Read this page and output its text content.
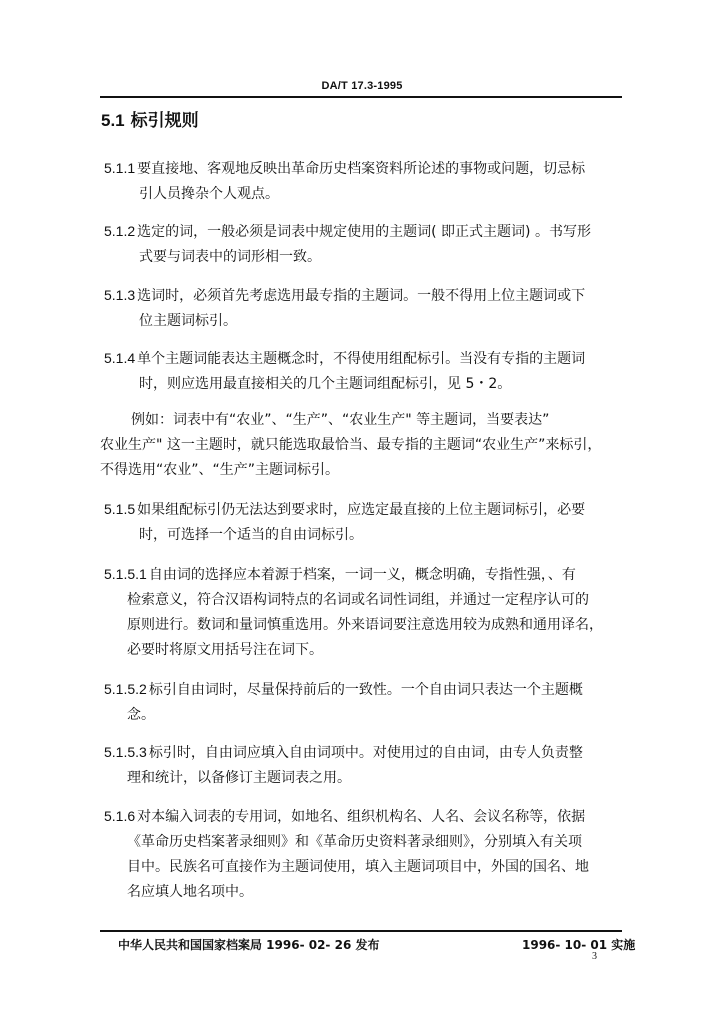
DA/T 17.3-1995
5.1 标引规则
5.1.1 要直接地、客观地反映出革命历史档案资料所论述的事物或问题，切忌标
引人员搀杂个人观点。
5.1.2 选定的词，一般必须是词表中规定使用的主题词( 即正式主题词) 。书写形
式要与词表中的词形相一致。
5.1.3 选词时，必须首先考虑选用最专指的主题词。一般不得用上位主题词或下
位主题词标引。
5.1.4 单个主题词能表达主题概念时，不得使用组配标引。当没有专指的主题词
时，则应选用最直接相关的几个主题词组配标引，见 5・2。
例如：词表中有“农业”、“生产”、“农业生产" 等主题词，当要表达”
农业生产" 这一主题时，就只能选取最恰当、最专指的主题词“农业生产”来标引，
不得选用“农业”、“生产”主题词标引。
5.1.5 如果组配标引仍无法达到要求时，应选定最直接的上位主题词标引，必要
时，可选择一个适当的自由词标引。
5.1.5.1 自由词的选择应本着源于档案，一词一义，概念明确，专指性强，、有
检索意义，符合汉语构词特点的名词或名词性词组，并通过一定程序认可的
原则进行。数词和量词慎重选用。外来语词要注意选用较为成熟和通用译名，
必要时将原文用括号注在词下。
5.1.5.2 标引自由词时，尽量保持前后的一致性。一个自由词只表达一个主题概
念。
5.1.5.3 标引时，自由词应填入自由词项中。对使用过的自由词，由专人负责整
理和统计，以备修订主题词表之用。
5.1.6 对本编入词表的专用词，如地名、组织机构名、人名、会议名称等，依据
《革命历史档案著录细则》和《革命历史资料著录细则》，分别填入有关项
目中。民族名可直接作为主题词使用，填入主题词项目中，外国的国名、地
名应填人地名项中。
中华人民共和国国家档案局 1996- 02- 26 发布	1996- 10- 01 实施
3
